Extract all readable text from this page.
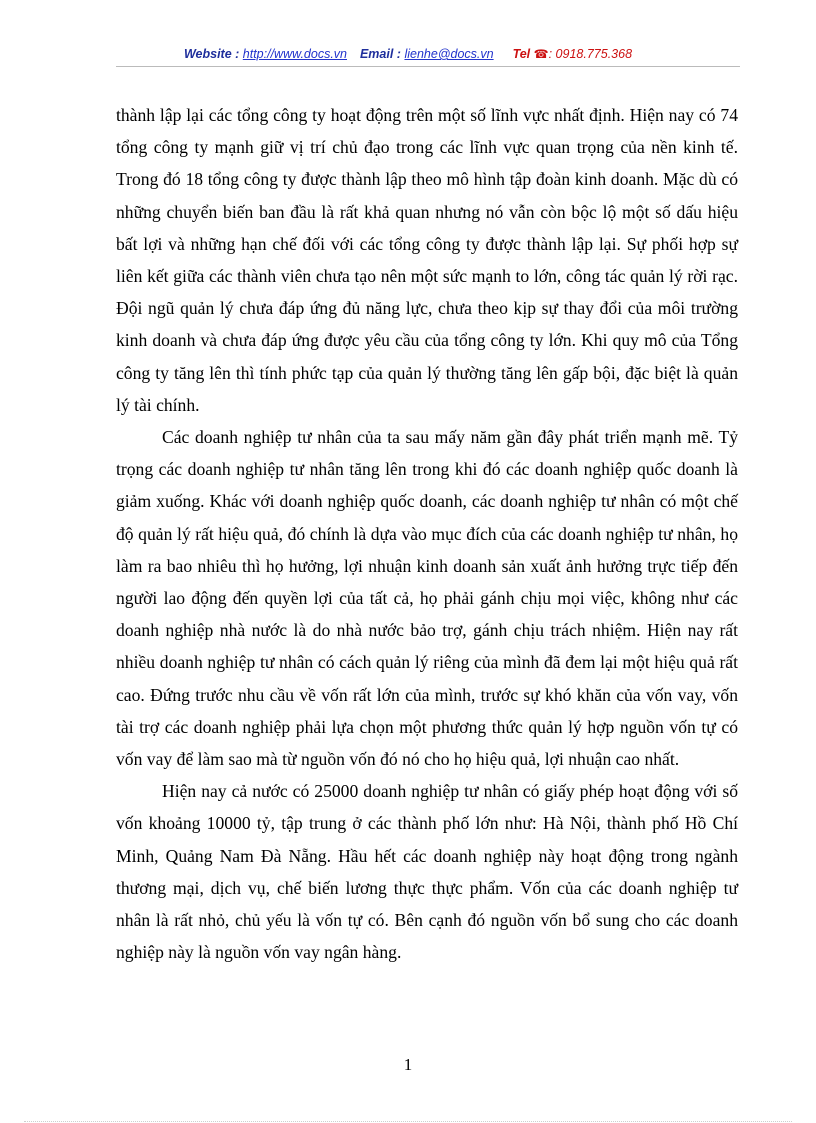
Website : http://www.docs.vn Email : lienhe@docs.vn Tel ☎: 0918.775.368

thành lập lại các tổng công ty hoạt động trên một số lĩnh vực nhất định. Hiện nay có 74 tổng công ty mạnh giữ vị trí chủ đạo trong các lĩnh vực quan trọng của nền kinh tế. Trong đó 18 tổng công ty được thành lập theo mô hình tập đoàn kinh doanh. Mặc dù có những chuyển biến ban đầu là rất khả quan nhưng nó vẫn còn bộc lộ một số dấu hiệu bất lợi và những hạn chế đối với các tổng công ty được thành lập lại. Sự phối hợp sự liên kết giữa các thành viên chưa tạo nên một sức mạnh to lớn, công tác quản lý rời rạc. Đội ngũ quản lý chưa đáp ứng đủ năng lực, chưa theo kịp sự thay đổi của môi trường kinh doanh và chưa đáp ứng được yêu cầu của tổng công ty lớn. Khi quy mô của Tổng công ty tăng lên thì tính phức tạp của quản lý thường tăng lên gấp bội, đặc biệt là quản lý tài chính.

Các doanh nghiệp tư nhân của ta sau mấy năm gần đây phát triển mạnh mẽ. Tỷ trọng các doanh nghiệp tư nhân tăng lên trong khi đó các doanh nghiệp quốc doanh là giảm xuống. Khác với doanh nghiệp quốc doanh, các doanh nghiệp tư nhân có một chế độ quản lý rất hiệu quả, đó chính là dựa vào mục đích của các doanh nghiệp tư nhân, họ làm ra bao nhiêu thì họ hưởng, lợi nhuận kinh doanh sản xuất ảnh hưởng trực tiếp đến người lao động đến quyền lợi của tất cả, họ phải gánh chịu mọi việc, không như các doanh nghiệp nhà nước là do nhà nước bảo trợ, gánh chịu trách nhiệm. Hiện nay rất nhiều doanh nghiệp tư nhân có cách quản lý riêng của mình đã đem lại một hiệu quả rất cao. Đứng trước nhu cầu về vốn rất lớn của mình, trước sự khó khăn của vốn vay, vốn tài trợ các doanh nghiệp phải lựa chọn một phương thức quản lý hợp nguồn vốn tự có vốn vay để làm sao mà từ nguồn vốn đó nó cho họ hiệu quả, lợi nhuận cao nhất.

Hiện nay cả nước có 25000 doanh nghiệp tư nhân có giấy phép hoạt động với số vốn khoảng 10000 tỷ, tập trung ở các thành phố lớn như: Hà Nội, thành phố Hồ Chí Minh, Quảng Nam Đà Nẵng. Hầu hết các doanh nghiệp này hoạt động trong ngành thương mại, dịch vụ, chế biến lương thực thực phẩm. Vốn của các doanh nghiệp tư nhân là rất nhỏ, chủ yếu là vốn tự có. Bên cạnh đó nguồn vốn bổ sung cho các doanh nghiệp này là nguồn vốn vay ngân hàng.

1
